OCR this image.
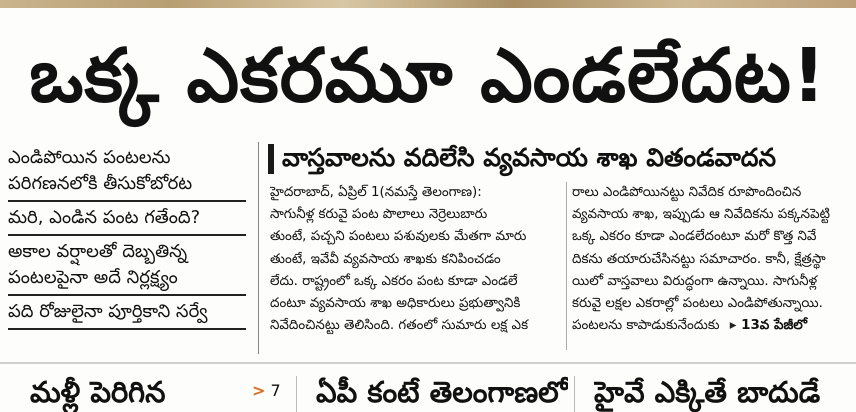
ఒక్క ఎకరమూ ఎండలేదట!
ఎండిపోయిన పంటలను
పరిగణనలోకి తీసుకోబోరట
మరి, ఎండిన పంట గతేంది?
అకాల వర్షాలతో దెబ్బతిన్న
పంటలపైనా అదే నిర్లక్ష్యం
పది రోజులైనా పూర్తికాని సర్వే
వాస్తవాలను వదిలేసి వ్యవసాయ శాఖ వితండవాదన
హైదరాబాద్, ఏప్రిల్ 1(నమస్తే తెలంగాణ):
సాగునీళ్ల కరువై పంట పొలాలు నెర్రెలుబారు
తుంటే, పచ్చని పంటలు పశువులకు మేతగా మారు
తుంటే, ఇవేవీ వ్యవసాయ శాఖకు కనిపించడం
లేదు. రాష్ట్రంలో ఒక్క ఎకరం పంట కూడా ఎండలే
దంటూ వ్యవసాయ శాఖ అధికారులు ప్రభుత్వానికి
నివేదించినట్టు తెలిసింది. గతంలో సుమారు లక్ష ఎక
రాలు ఎండిపోయినట్టు నివేదిక రూపొందించిన
వ్యవసాయ శాఖ, ఇప్పుడు ఆ నివేదికను పక్కనపెట్టి
ఒక్క ఎకరం కూడా ఎండలేదంటూ మరో కొత్త నివే
దికను తయారుచేసినట్టు సమాచారం. కానీ, క్షేత్రస్థా
యిలో వాస్తవాలు విరుద్ధంగా ఉన్నాయి. సాగునీళ్ల
కరువై లక్షల ఎకరాల్లో పంటలు ఎండిపోతున్నాయి.
పంటలను కాపాడుకునేందుకు ▸ 13వ పేజీలో
మళ్లీ పెరిగిన	> 7 ఏపీ కంటే తెలంగాణలో హైవే ఎక్కితే బాదుడే
